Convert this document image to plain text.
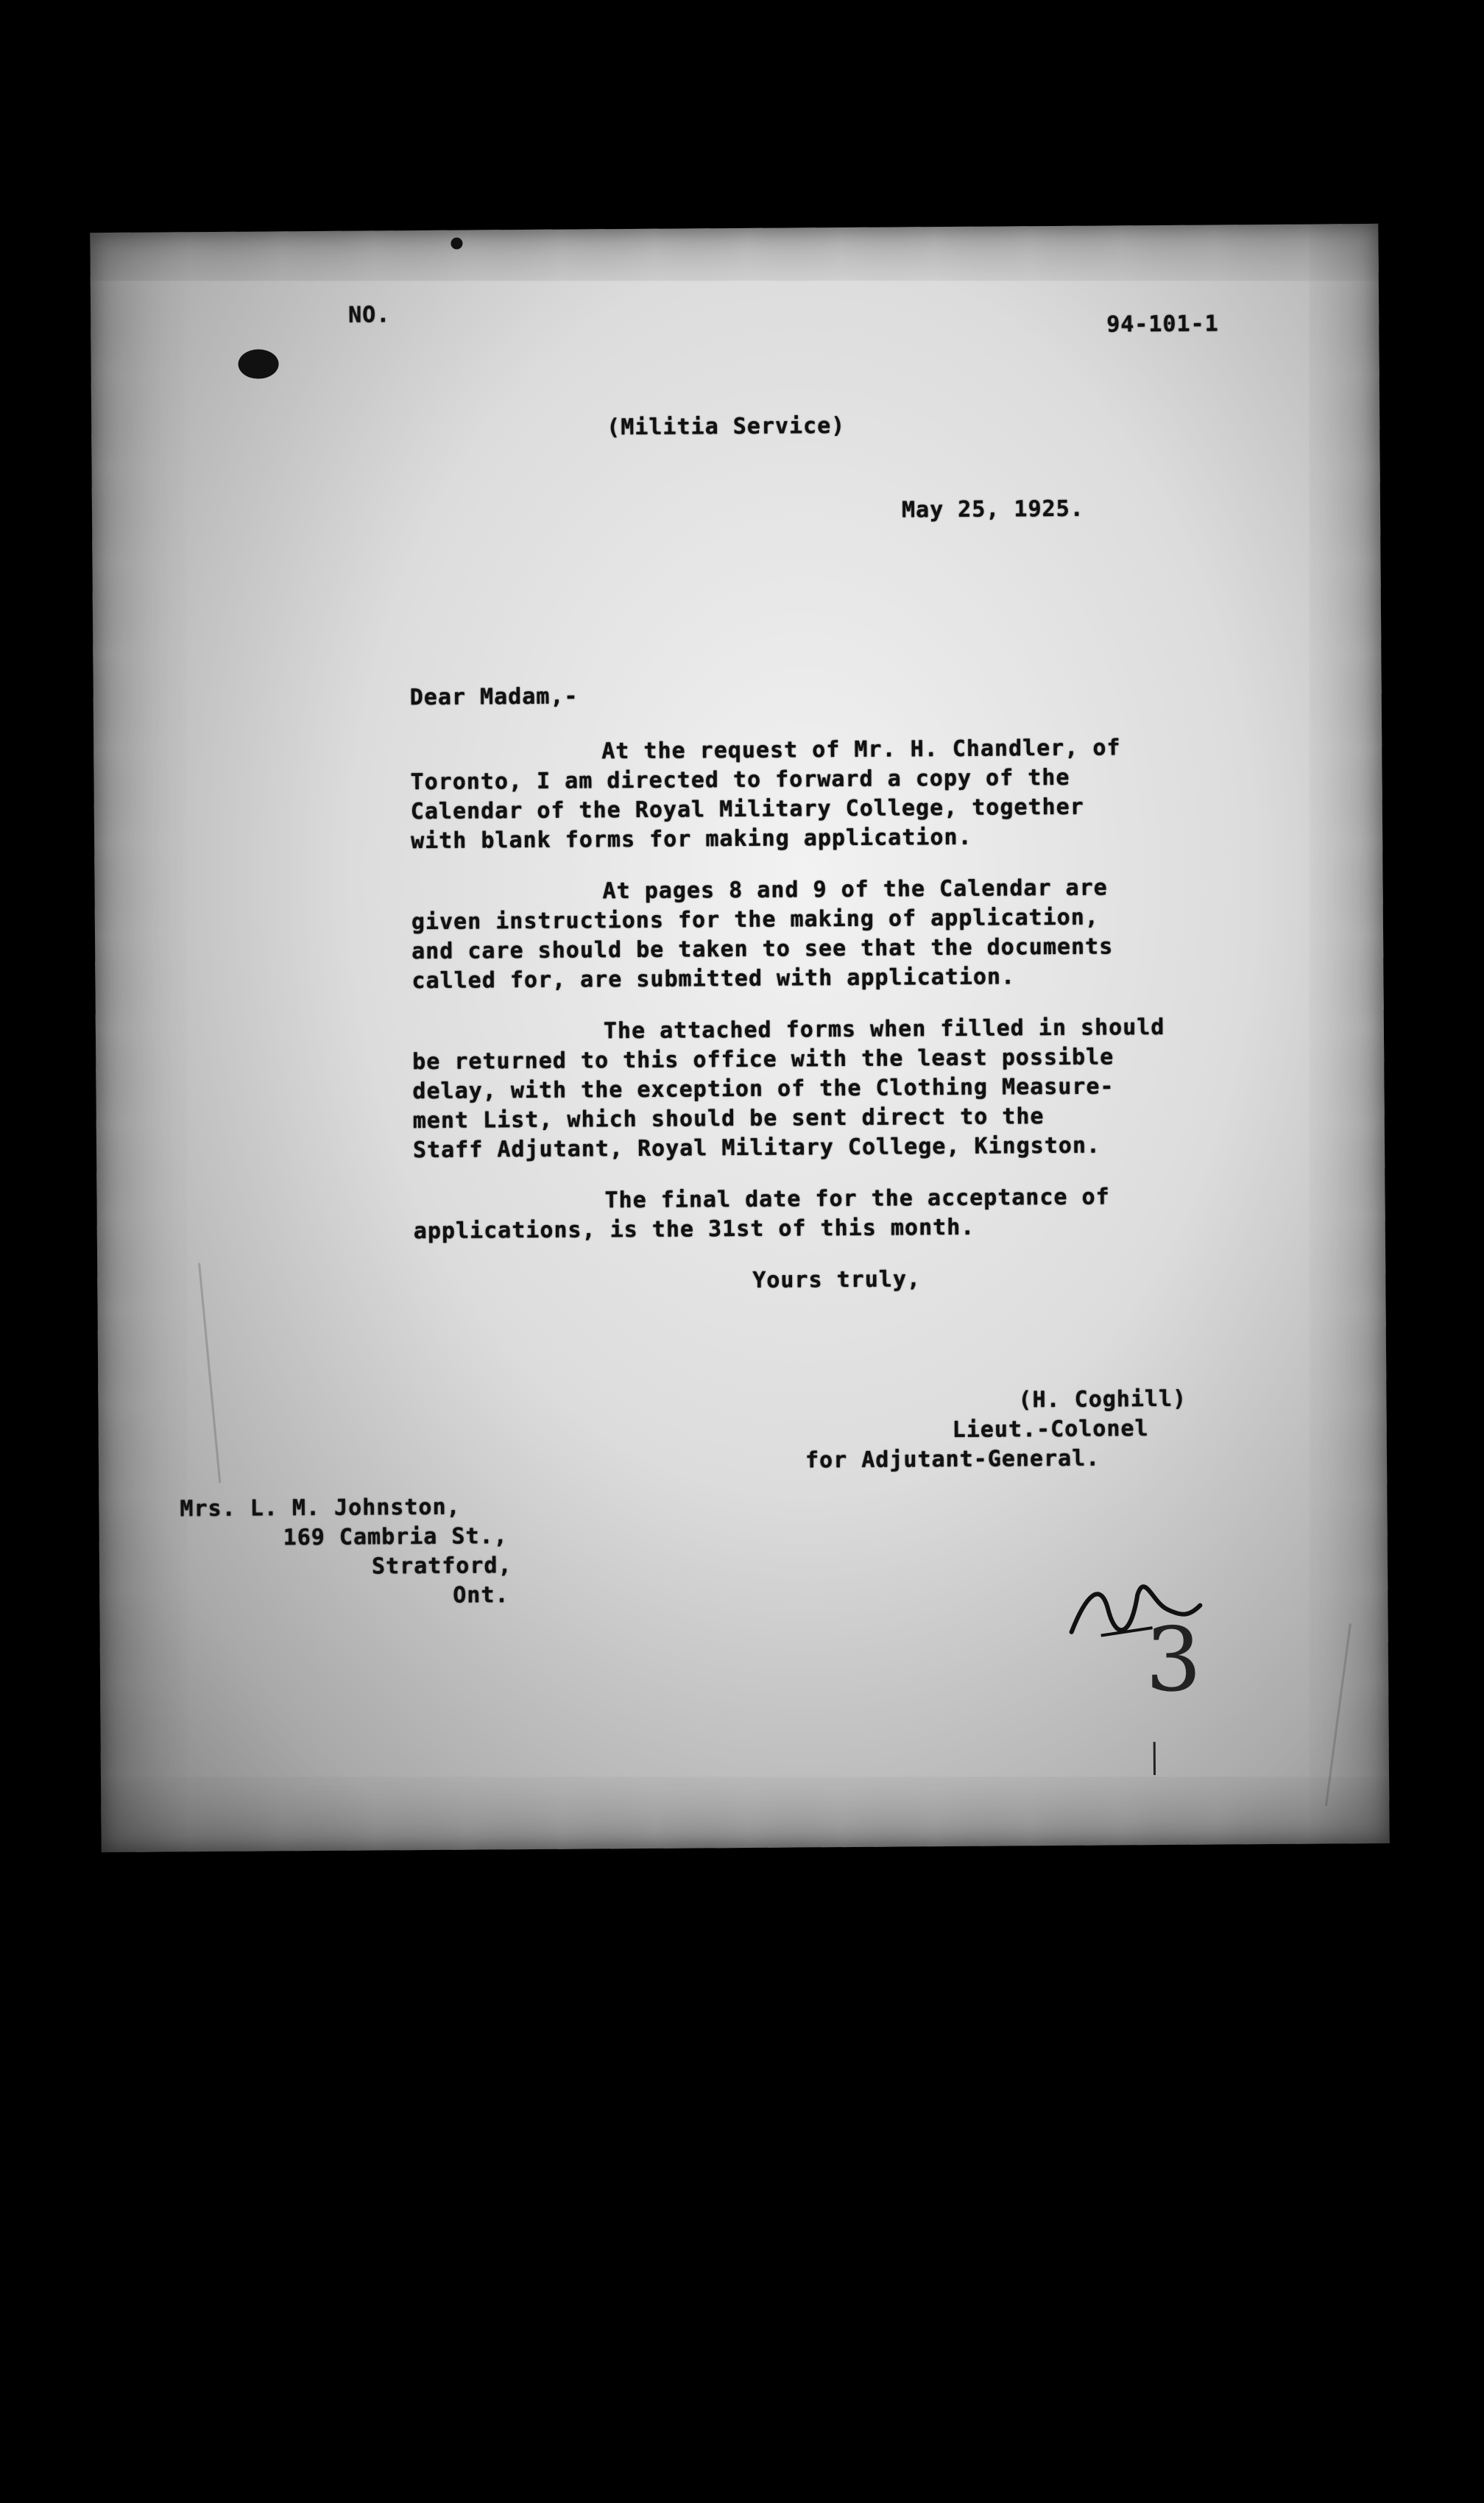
NO.	94-101-1
(Militia Service)
May 25, 1925.
Dear Madam,-
At the request of Mr. H. Chandler, of
Toronto, I am directed to forward a copy of the
Calendar of the Royal Military College, together
with blank forms for making application.
At pages 8 and 9 of the Calendar are
given instructions for the making of application,
and care should be taken to see that the documents
called for, are submitted with application.
The attached forms when filled in should
be returned to this office with the least possible
delay, with the exception of the Clothing Measure-
ment List, which should be sent direct to the
Staff Adjutant, Royal Military College, Kingston.
The final date for the acceptance of
applications, is the 31st of this month.
Yours truly,
(H. Coghill)
Lieut.-Colonel
for Adjutant-General.
Mrs. L. M. Johnston,
169 Cambria St.,
Stratford,
Ont.
3
